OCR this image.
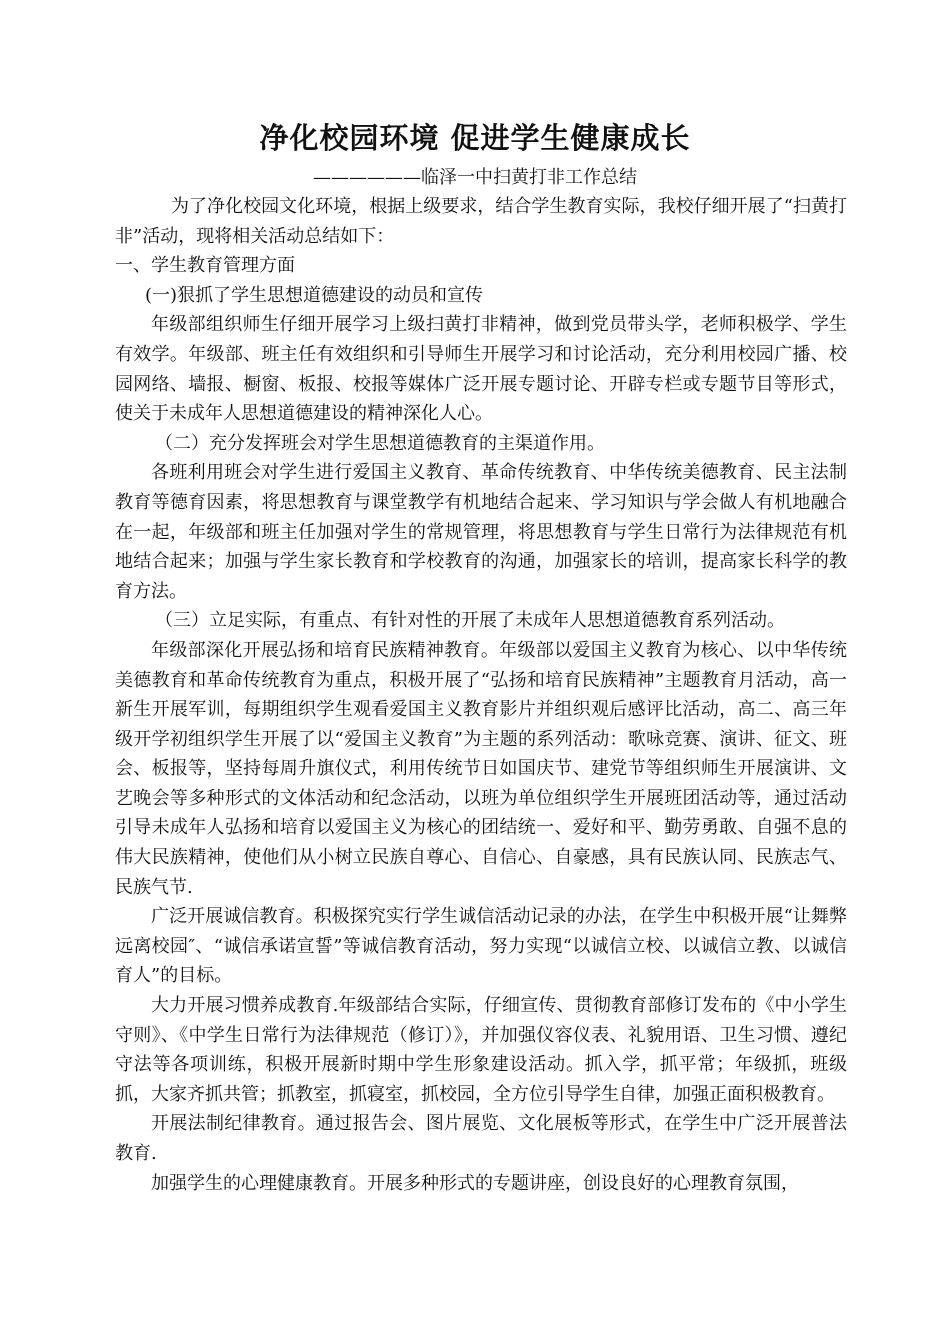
净化校园环境 促进学生健康成长
——————临泽一中扫黄打非工作总结

为了净化校园文化环境，根据上级要求，结合学生教育实际，我校仔细开展了“扫黄打非”活动，现将相关活动总结如下：

一、学生教育管理方面

(一)狠抓了学生思想道德建设的动员和宣传

年级部组织师生仔细开展学习上级扫黄打非精神，做到党员带头学，老师积极学、学生有效学。年级部、班主任有效组织和引导师生开展学习和讨论活动，充分利用校园广播、校园网络、墙报、橱窗、板报、校报等媒体广泛开展专题讨论、开辟专栏或专题节目等形式，使关于未成年人思想道德建设的精神深化人心。

（二）充分发挥班会对学生思想道德教育的主渠道作用。

各班利用班会对学生进行爱国主义教育、革命传统教育、中华传统美德教育、民主法制教育等德育因素，将思想教育与课堂教学有机地结合起来、学习知识与学会做人有机地融合在一起，年级部和班主任加强对学生的常规管理，将思想教育与学生日常行为法律规范有机地结合起来；加强与学生家长教育和学校教育的沟通，加强家长的培训，提高家长科学的教育方法。

（三）立足实际，有重点、有针对性的开展了未成年人思想道德教育系列活动。

年级部深化开展弘扬和培育民族精神教育。年级部以爱国主义教育为核心、以中华传统美德教育和革命传统教育为重点，积极开展了“弘扬和培育民族精神”主题教育月活动，高一新生开展军训，每期组织学生观看爱国主义教育影片并组织观后感评比活动，高二、高三年级开学初组织学生开展了以“爱国主义教育”为主题的系列活动：歌咏竞赛、演讲、征文、班会、板报等，坚持每周升旗仪式，利用传统节日如国庆节、建党节等组织师生开展演讲、文艺晚会等多种形式的文体活动和纪念活动，以班为单位组织学生开展班团活动等，通过活动引导未成年人弘扬和培育以爱国主义为核心的团结统一、爱好和平、勤劳勇敢、自强不息的伟大民族精神，使他们从小树立民族自尊心、自信心、自豪感，具有民族认同、民族志气、民族气节.

广泛开展诚信教育。积极探究实行学生诚信活动记录的办法，在学生中积极开展“让舞弊远离校园″、“诚信承诺宣誓”等诚信教育活动，努力实现“以诚信立校、以诚信立教、以诚信育人”的目标。

大力开展习惯养成教育.年级部结合实际，仔细宣传、贯彻教育部修订发布的《中小学生守则》、《中学生日常行为法律规范（修订）》，并加强仪容仪表、礼貌用语、卫生习惯、遵纪守法等各项训练，积极开展新时期中学生形象建设活动。抓入学，抓平常；年级抓，班级抓，大家齐抓共管；抓教室，抓寝室，抓校园，全方位引导学生自律，加强正面积极教育。

开展法制纪律教育。通过报告会、图片展览、文化展板等形式，在学生中广泛开展普法教育.

加强学生的心理健康教育。开展多种形式的专题讲座，创设良好的心理教育氛围，
